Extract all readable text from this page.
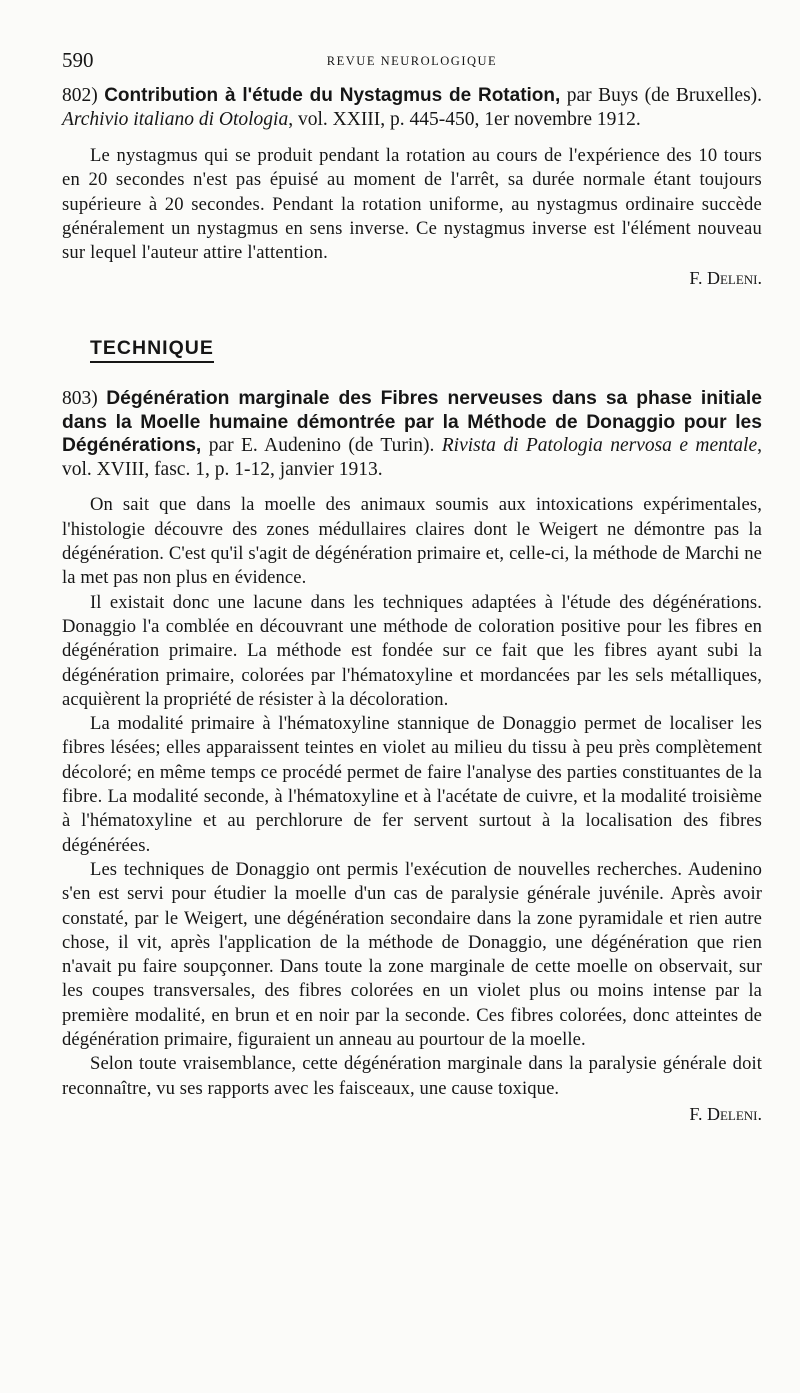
590	REVUE NEUROLOGIQUE

802) Contribution à l'étude du Nystagmus de Rotation, par Buys (de Bruxelles). Archivio italiano di Otologia, vol. XXIII, p. 445-450, 1er novembre 1912.

Le nystagmus qui se produit pendant la rotation au cours de l'expérience des 10 tours en 20 secondes n'est pas épuisé au moment de l'arrêt, sa durée normale étant toujours supérieure à 20 secondes. Pendant la rotation uniforme, au nystagmus ordinaire succède généralement un nystagmus en sens inverse. Ce nystagmus inverse est l'élément nouveau sur lequel l'auteur attire l'attention.

F. Deleni.

TECHNIQUE

803) Dégénération marginale des Fibres nerveuses dans sa phase initiale dans la Moelle humaine démontrée par la Méthode de Donaggio pour les Dégénérations, par E. Audenino (de Turin). Rivista di Patologia nervosa e mentale, vol. XVIII, fasc. 1, p. 1-12, janvier 1913.

On sait que dans la moelle des animaux soumis aux intoxications expérimentales, l'histologie découvre des zones médullaires claires dont le Weigert ne démontre pas la dégénération. C'est qu'il s'agit de dégénération primaire et, celle-ci, la méthode de Marchi ne la met pas non plus en évidence.

Il existait donc une lacune dans les techniques adaptées à l'étude des dégénérations. Donaggio l'a comblée en découvrant une méthode de coloration positive pour les fibres en dégénération primaire. La méthode est fondée sur ce fait que les fibres ayant subi la dégénération primaire, colorées par l'hématoxyline et mordancées par les sels métalliques, acquièrent la propriété de résister à la décoloration.

La modalité primaire à l'hématoxyline stannique de Donaggio permet de localiser les fibres lésées; elles apparaissent teintes en violet au milieu du tissu à peu près complètement décoloré; en même temps ce procédé permet de faire l'analyse des parties constituantes de la fibre. La modalité seconde, à l'hématoxyline et à l'acétate de cuivre, et la modalité troisième à l'hématoxyline et au perchlorure de fer servent surtout à la localisation des fibres dégénérées.

Les techniques de Donaggio ont permis l'exécution de nouvelles recherches. Audenino s'en est servi pour étudier la moelle d'un cas de paralysie générale juvénile. Après avoir constaté, par le Weigert, une dégénération secondaire dans la zone pyramidale et rien autre chose, il vit, après l'application de la méthode de Donaggio, une dégénération que rien n'avait pu faire soupçonner. Dans toute la zone marginale de cette moelle on observait, sur les coupes transversales, des fibres colorées en un violet plus ou moins intense par la première modalité, en brun et en noir par la seconde. Ces fibres colorées, donc atteintes de dégénération primaire, figuraient un anneau au pourtour de la moelle.

Selon toute vraisemblance, cette dégénération marginale dans la paralysie générale doit reconnaître, vu ses rapports avec les faisceaux, une cause toxique.

F. Deleni.
